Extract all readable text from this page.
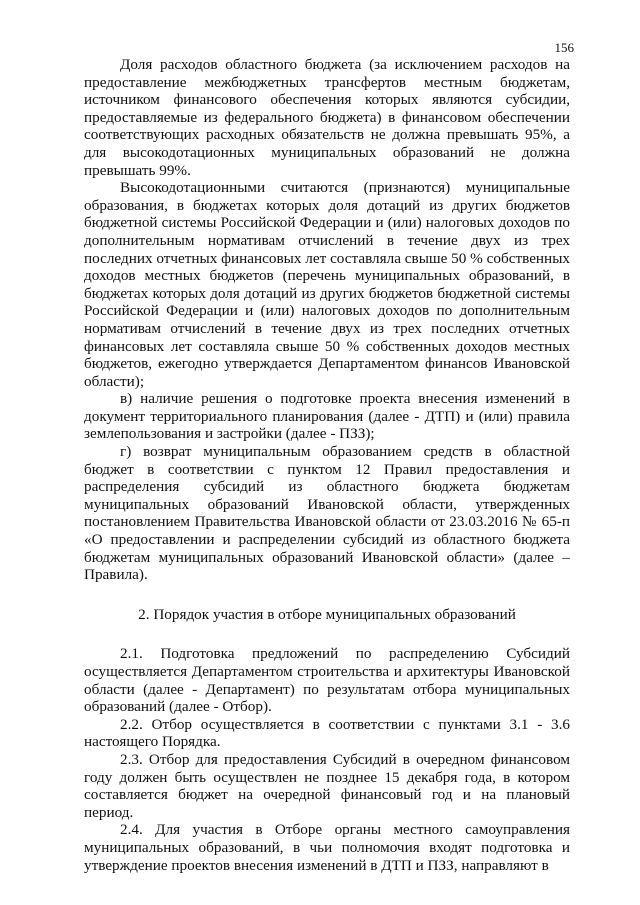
156

Доля расходов областного бюджета (за исключением расходов на предоставление межбюджетных трансфертов местным бюджетам, источником финансового обеспечения которых являются субсидии, предоставляемые из федерального бюджета) в финансовом обеспечении соответствующих расходных обязательств не должна превышать 95%, а для высокодотационных муниципальных образований не должна превышать 99%.

Высокодотационными считаются (признаются) муниципальные образования, в бюджетах которых доля дотаций из других бюджетов бюджетной системы Российской Федерации и (или) налоговых доходов по дополнительным нормативам отчислений в течение двух из трех последних отчетных финансовых лет составляла свыше 50 % собственных доходов местных бюджетов (перечень муниципальных образований, в бюджетах которых доля дотаций из других бюджетов бюджетной системы Российской Федерации и (или) налоговых доходов по дополнительным нормативам отчислений в течение двух из трех последних отчетных финансовых лет составляла свыше 50 % собственных доходов местных бюджетов, ежегодно утверждается Департаментом финансов Ивановской области);

в) наличие решения о подготовке проекта внесения изменений в документ территориального планирования (далее - ДТП) и (или) правила землепользования и застройки (далее - ПЗЗ);

г) возврат муниципальным образованием средств в областной бюджет в соответствии с пунктом 12 Правил предоставления и распределения субсидий из областного бюджета бюджетам муниципальных образований Ивановской области, утвержденных постановлением Правительства Ивановской области от 23.03.2016 № 65-п «О предоставлении и распределении субсидий из областного бюджета бюджетам муниципальных образований Ивановской области» (далее – Правила).

2. Порядок участия в отборе муниципальных образований

2.1. Подготовка предложений по распределению Субсидий осуществляется Департаментом строительства и архитектуры Ивановской области (далее - Департамент) по результатам отбора муниципальных образований (далее - Отбор).

2.2. Отбор осуществляется в соответствии с пунктами 3.1 - 3.6 настоящего Порядка.

2.3. Отбор для предоставления Субсидий в очередном финансовом году должен быть осуществлен не позднее 15 декабря года, в котором составляется бюджет на очередной финансовый год и на плановый период.

2.4. Для участия в Отборе органы местного самоуправления муниципальных образований, в чьи полномочия входят подготовка и утверждение проектов внесения изменений в ДТП и ПЗЗ, направляют в
